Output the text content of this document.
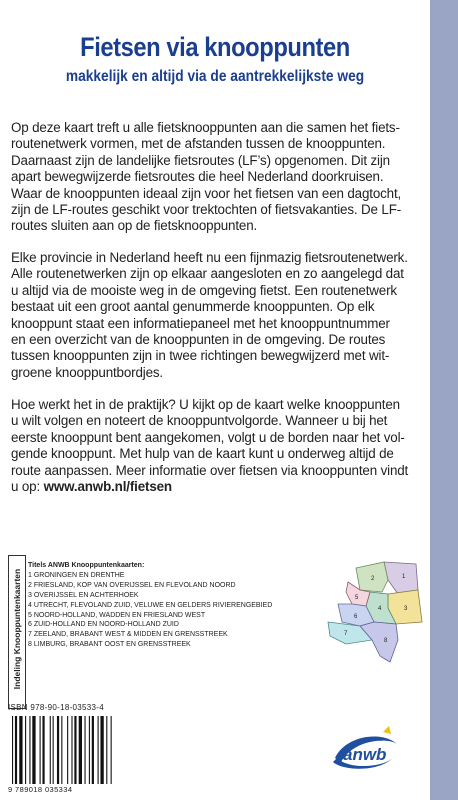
Fietsen via knooppunten
makkelijk en altijd via de aantrekkelijkste weg
Op deze kaart treft u alle fietsknooppunten aan die samen het fiets-
routenetwerk vormen, met de afstanden tussen de knooppunten.
Daarnaast zijn de landelijke fietsroutes (LF’s) opgenomen. Dit zijn
apart bewegwijzerde fietsroutes die heel Nederland doorkruisen.
Waar de knooppunten ideaal zijn voor het fietsen van een dagtocht,
zijn de LF-routes geschikt voor trektochten of fietsvakanties. De LF-
routes sluiten aan op de fietsknooppunten.
Elke provincie in Nederland heeft nu een fijnmazig fietsroutenetwerk.
Alle routenetwerken zijn op elkaar aangesloten en zo aangelegd dat
u altijd via de mooiste weg in de omgeving fietst. Een routenetwerk
bestaat uit een groot aantal genummerde knooppunten. Op elk
knooppunt staat een informatiepaneel met het knooppuntnummer
en een overzicht van de knooppunten in de omgeving. De routes
tussen knooppunten zijn in twee richtingen bewegwijzerd met wit-
groene knooppuntbordjes.
Hoe werkt het in de praktijk? U kijkt op de kaart welke knooppunten
u wilt volgen en noteert de knooppuntvolgorde. Wanneer u bij het
eerste knooppunt bent aangekomen, volgt u de borden naar het vol-
gende knooppunt. Met hulp van de kaart kunt u onderweg altijd de
route aanpassen. Meer informatie over fietsen via knooppunten vindt
u op: www.anwb.nl/fietsen
Indeling Knooppuntenkaarten
Titels ANWB Knooppuntenkaarten:
1 GRONINGEN EN DRENTHE
2 FRIESLAND, KOP VAN OVERIJSSEL EN FLEVOLAND NOORD
3 OVERIJSSEL EN ACHTERHOEK
4 UTRECHT, FLEVOLAND ZUID, VELUWE EN GELDERS RIVIERENGEBIED
5 NOORD-HOLLAND, WADDEN EN FRIESLAND WEST
6 ZUID-HOLLAND EN NOORD-HOLLAND ZUID
7 ZEELAND, BRABANT WEST & MIDDEN EN GRENSSTREEK
8 LIMBURG, BRABANT OOST EN GRENSSTREEK
1
2
3
4
5
6
7
8
ISBN 978-90-18-03533-4
9 789018 035334
anwb
